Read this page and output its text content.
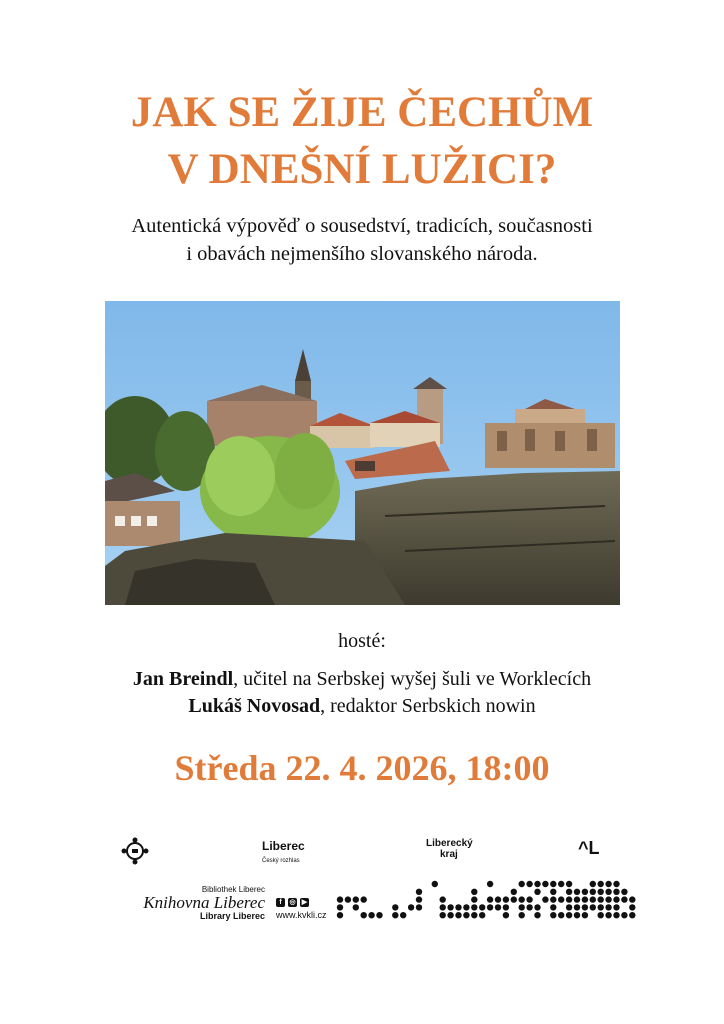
JAK SE ŽIJE ČECHŮM
V DNEŠNÍ LUŽICI?
Autentická výpověď o sousedství, tradicích, současnosti
i obavách nejmenšího slovanského národa.
hosté:
Jan Breindl, učitel na Serbskej wyšej šuli ve Worklecích
Lukáš Novosad, redaktor Serbskich nowin
Středa 22. 4. 2026, 18:00
Liberec
Český rozhlas
Liberecký
kraj	^L
Bibliothek Liberec
Knihovna Liberec
Library Liberec
f	◎ ▶
www.kvkli.cz
